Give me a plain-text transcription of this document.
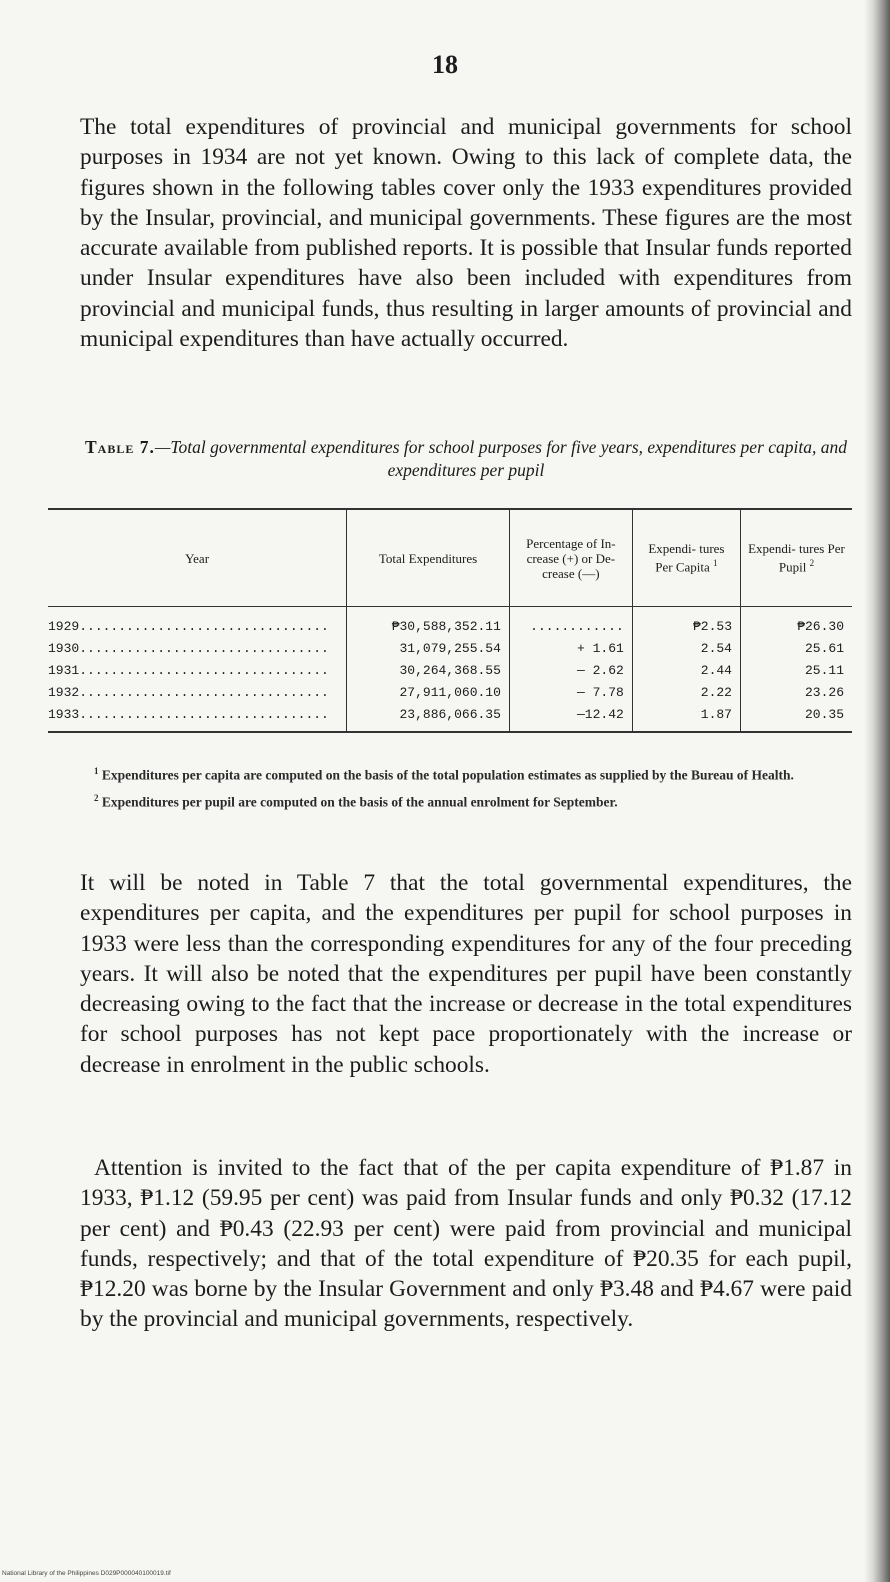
18

The total expenditures of provincial and municipal governments for school purposes in 1934 are not yet known. Owing to this lack of complete data, the figures shown in the following tables cover only the 1933 expenditures provided by the Insular, provincial, and municipal governments. These figures are the most accurate available from published reports. It is possible that Insular funds reported under Insular expenditures have also been included with expenditures from provincial and municipal funds, thus resulting in larger amounts of provincial and municipal expenditures than have actually occurred.

Table 7.—Total governmental expenditures for school purposes for five years, expenditures per capita, and expenditures per pupil
Year	Total Expenditures	Percentage of In- crease (+) or De- crease (—)	Expendi- tures Per Capita $^1$	Expendi- tures Per Pupil $^2$
1929................................	₱30,588,352.11	............	₱2.53	₱26.30
1930................................	31,079,255.54	+ 1.61	2.54	25.61
1931................................	30,264,368.55	— 2.62	2.44	25.11
1932................................	27,911,060.10	— 7.78	2.22	23.26
1933................................	23,886,066.35	—12.42	1.87	20.35

$^1$ Expenditures per capita are computed on the basis of the total population estimates as supplied by the Bureau of Health.

$^2$ Expenditures per pupil are computed on the basis of the annual enrolment for September.

It will be noted in Table 7 that the total governmental expenditures, the expenditures per capita, and the expenditures per pupil for school purposes in 1933 were less than the corresponding expenditures for any of the four preceding years. It will also be noted that the expenditures per pupil have been constantly decreasing owing to the fact that the increase or decrease in the total expenditures for school purposes has not kept pace proportionately with the increase or decrease in enrolment in the public schools.

Attention is invited to the fact that of the per capita expenditure of ₱1.87 in 1933, ₱1.12 (59.95 per cent) was paid from Insular funds and only ₱0.32 (17.12 per cent) and ₱0.43 (22.93 per cent) were paid from provincial and municipal funds, respectively; and that of the total expenditure of ₱20.35 for each pupil, ₱12.20 was borne by the Insular Government and only ₱3.48 and ₱4.67 were paid by the provincial and municipal governments, respectively.

National Library of the Philippines D029P000040100019.tif
